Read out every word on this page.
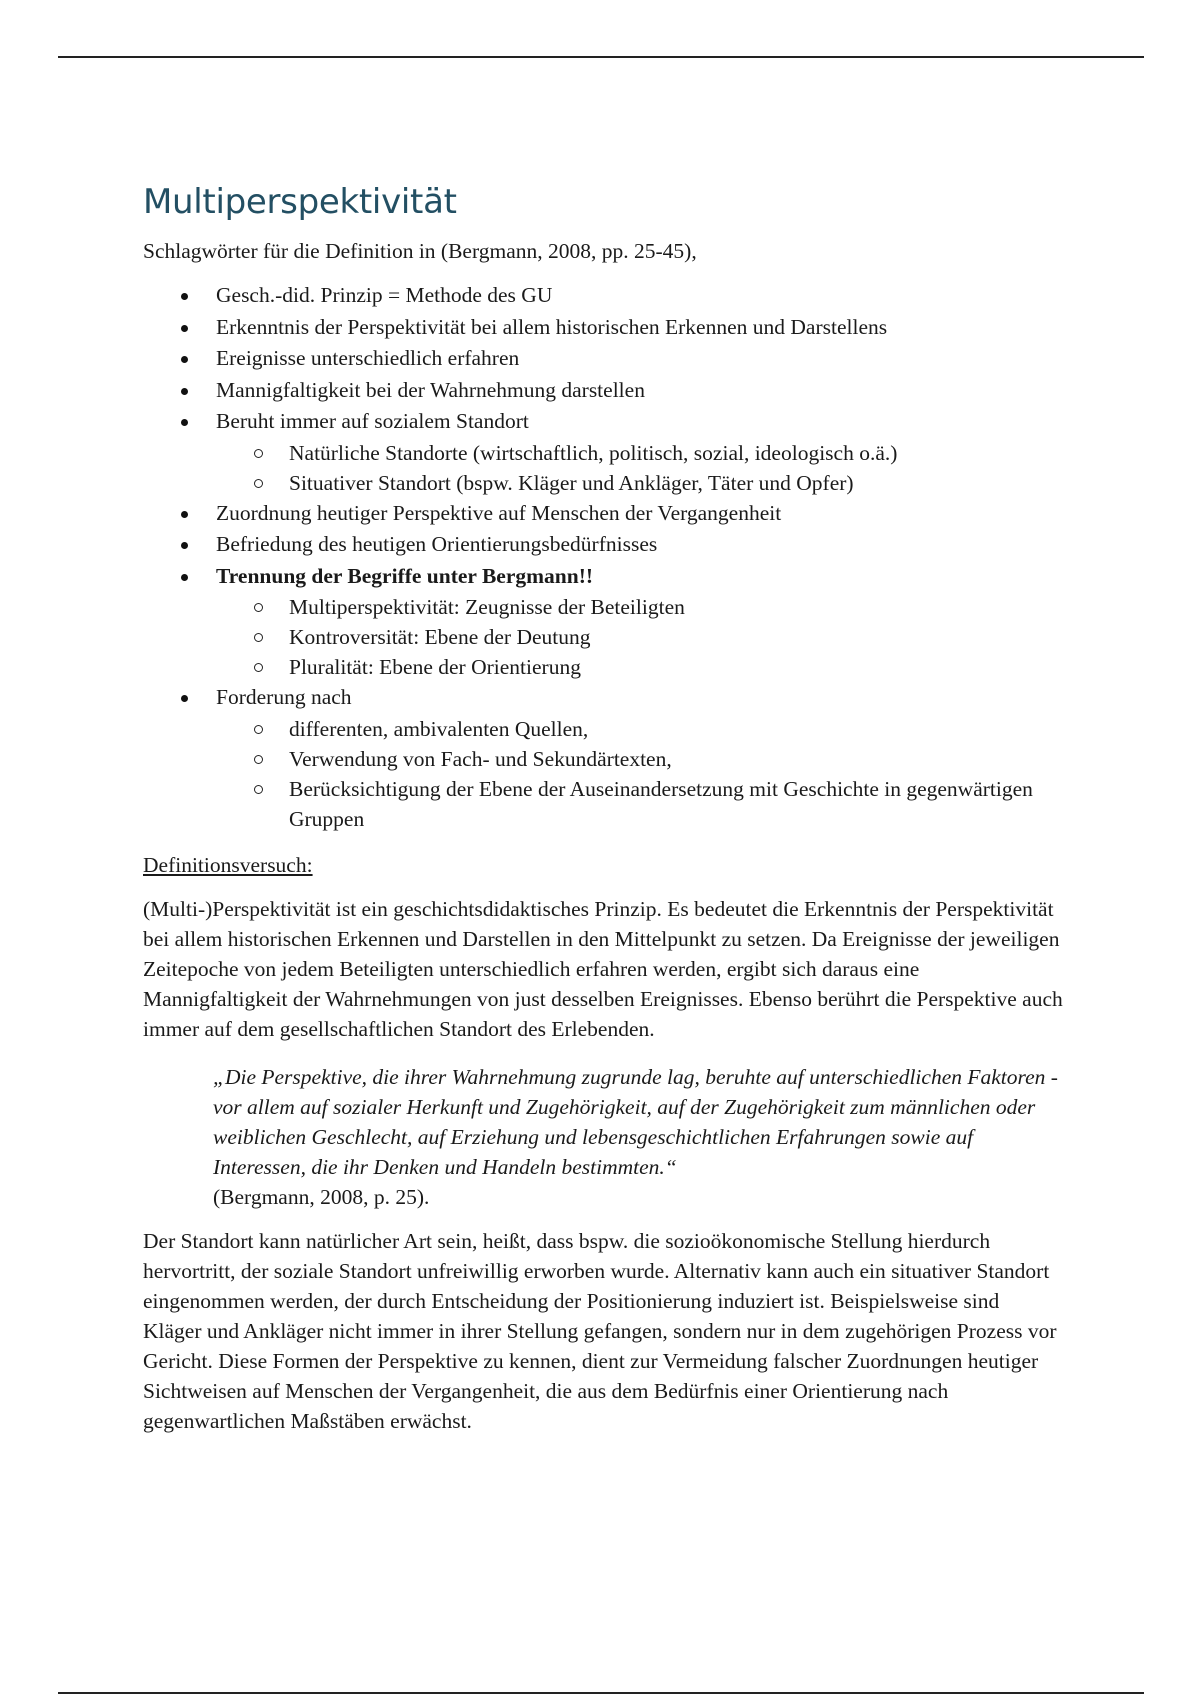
Multiperspektivität

Schlagwörter für die Definition in (Bergmann, 2008, pp. 25-45),

Gesch.-did. Prinzip = Methode des GU
Erkenntnis der Perspektivität bei allem historischen Erkennen und Darstellens
Ereignisse unterschiedlich erfahren
Mannigfaltigkeit bei der Wahrnehmung darstellen
Beruht immer auf sozialem Standort
Natürliche Standorte (wirtschaftlich, politisch, sozial, ideologisch o.ä.)
Situativer Standort (bspw. Kläger und Ankläger, Täter und Opfer)
Zuordnung heutiger Perspektive auf Menschen der Vergangenheit
Befriedung des heutigen Orientierungsbedürfnisses
Trennung der Begriffe unter Bergmann!!
Multiperspektivität: Zeugnisse der Beteiligten
Kontroversität: Ebene der Deutung
Pluralität: Ebene der Orientierung
Forderung nach
differenten, ambivalenten Quellen,
Verwendung von Fach- und Sekundärtexten,
Berücksichtigung der Ebene der Auseinandersetzung mit Geschichte in gegenwärtigen Gruppen

Definitionsversuch:

(Multi-)Perspektivität ist ein geschichtsdidaktisches Prinzip. Es bedeutet die Erkenntnis der Perspektivität bei allem historischen Erkennen und Darstellen in den Mittelpunkt zu setzen. Da Ereignisse der jeweiligen Zeitepoche von jedem Beteiligten unterschiedlich erfahren werden, ergibt sich daraus eine Mannigfaltigkeit der Wahrnehmungen von just desselben Ereignisses. Ebenso berührt die Perspektive auch immer auf dem gesellschaftlichen Standort des Erlebenden.

„Die Perspektive, die ihrer Wahrnehmung zugrunde lag, beruhte auf unterschiedlichen Faktoren -vor allem auf sozialer Herkunft und Zugehörigkeit, auf der Zugehörigkeit zum männlichen oder weiblichen Geschlecht, auf Erziehung und lebensgeschichtlichen Erfahrungen sowie auf Interessen, die ihr Denken und Handeln bestimmten.“
(Bergmann, 2008, p. 25).

Der Standort kann natürlicher Art sein, heißt, dass bspw. die sozioökonomische Stellung hierdurch hervortritt, der soziale Standort unfreiwillig erworben wurde. Alternativ kann auch ein situativer Standort eingenommen werden, der durch Entscheidung der Positionierung induziert ist. Beispielsweise sind Kläger und Ankläger nicht immer in ihrer Stellung gefangen, sondern nur in dem zugehörigen Prozess vor Gericht. Diese Formen der Perspektive zu kennen, dient zur Vermeidung falscher Zuordnungen heutiger Sichtweisen auf Menschen der Vergangenheit, die aus dem Bedürfnis einer Orientierung nach gegenwartlichen Maßstäben erwächst.
